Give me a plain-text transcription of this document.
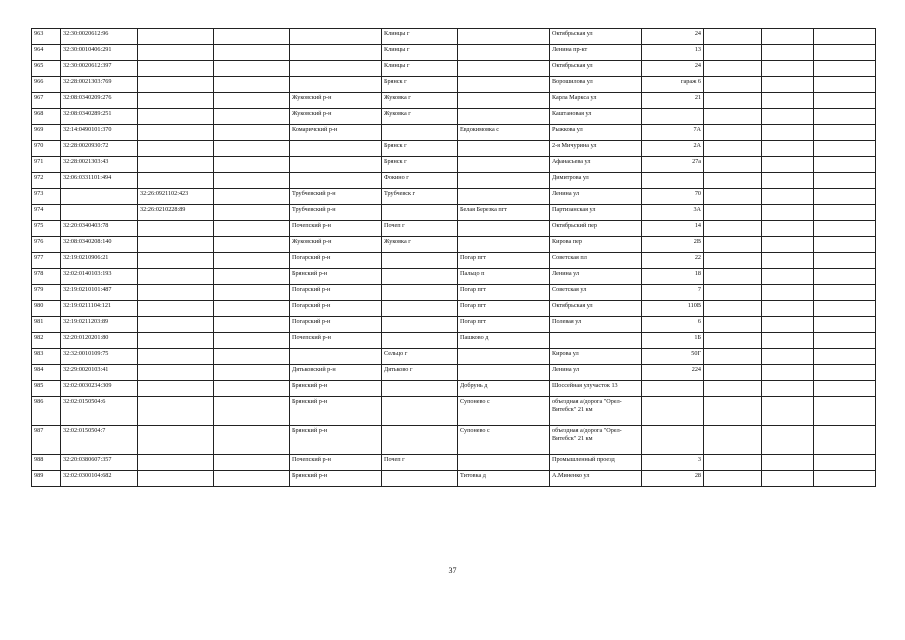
963	32:30:0020612:96				Клинцы г		Октябрьская ул	24			
964	32:30:0010406:291				Клинцы г		Ленина пр-кт	13			
965	32:30:0020612:397				Клинцы г		Октябрьская ул	24			
966	32:28:0021303:769				Брянск г		Ворошилова ул	гараж 6			
967	32:08:0340209:276			Жуковский р-н	Жуковка г		Карла Маркса ул	21			
968	32:08:0340289:251			Жуковский р-н	Жуковка г		Каштановая ул				
969	32:14:0490101:370			Комаричский р-н		Евдокимовка с	Рыжкова ул	7А			
970	32:28:0020930:72				Брянск г		2-я Мичурина ул	2А			
971	32:28:0021303:43				Брянск г		Афанасьева ул	27а			
972	32:06:0331101:494				Фокино г		Димитрова ул				
973		32:26:0921102:423		Трубчевский р-н	Трубчевск г		Ленина ул	70			
974		32:26:0210228:89		Трубчевский р-н		Белая Березка пгт	Партизанская ул	3А			
975	32:20:0340403:78			Почепский р-н	Почеп г		Октябрьский пер	14			
976	32:08:0340208:140			Жуковский р-н	Жуковка г		Кирова пер	2В			
977	32:19:0210906:21			Погарский р-н		Погар пгт	Советская пл	22			
978	32:02:0140103:193			Брянский р-н		Пальцо п	Ленина ул	18			
979	32:19:0210101:487			Погарский р-н		Погар пгт	Советская ул	7			
980	32:19:0211104:121			Погарский р-н		Погар пгт	Октябрьская ул	110В			
981	32:19:0211203:89			Погарский р-н		Погар пгт	Полевая ул	6			
982	32:20:0120201:80			Почепский р-н		Пашково д		1Б			
983	32:32:0010109:75				Сельцо г		Кирова ул	50Г			
984	32:29:0020103:41			Дятьковский р-н	Дятьково г		Ленина ул	224			
985	32:02:0030234:309			Брянский р-н		Добрунь д	Шоссейная улучасток 13				
986	32:02:0150504:6			Брянский р-н		Супонево с	объездная а/дорога "Орел-Витебск" 21 км				
987	32:02:0150504:7			Брянский р-н		Супонево с	объездная а/дорога "Орел-Витебск" 21 км				
988	32:20:0380607:357			Почепский р-н	Почеп г		Промышленный проезд	3			
989	32:02:0300104:682			Брянский р-н		Титовка д	А.Миненко ул	28			
37
